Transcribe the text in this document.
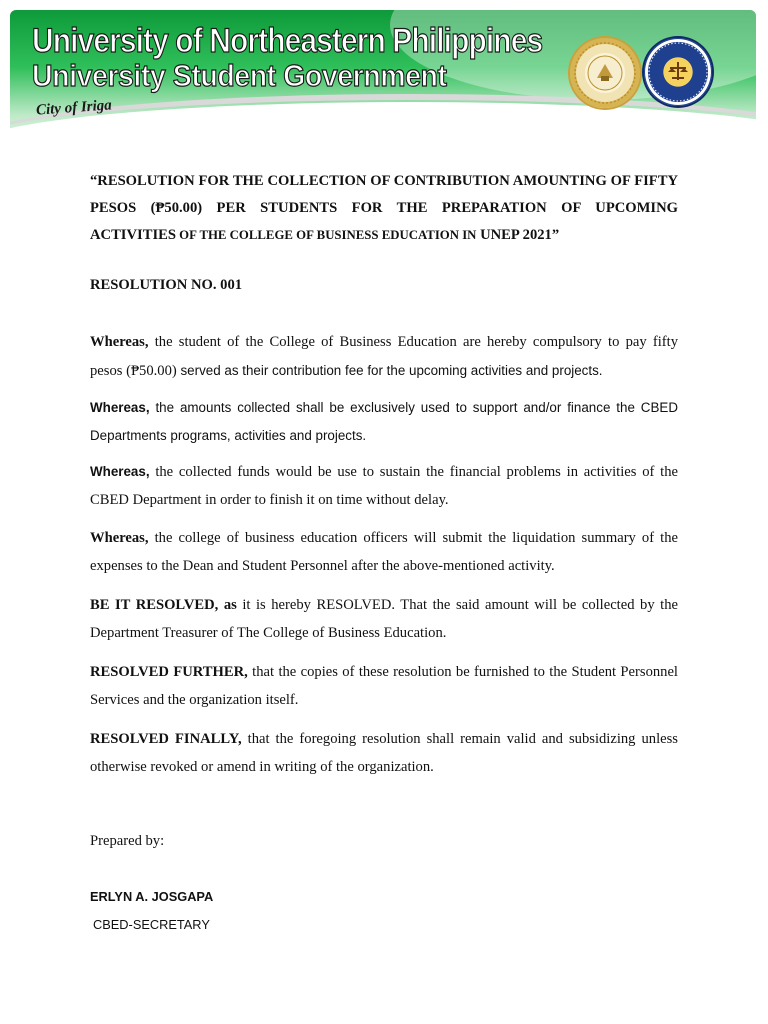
University of Northeastern Philippines
University Student Government
City of Iriga

“RESOLUTION FOR THE COLLECTION OF CONTRIBUTION AMOUNTING OF FIFTY PESOS (₱50.00) PER STUDENTS FOR THE PREPARATION OF UPCOMING ACTIVITIES OF THE COLLEGE OF BUSINESS EDUCATION IN UNEP 2021”

RESOLUTION NO. 001

Whereas, the student of the College of Business Education are hereby compulsory to pay fifty pesos (₱50.00) served as their contribution fee for the upcoming activities and projects.

Whereas, the amounts collected shall be exclusively used to support and/or finance the CBED Departments programs, activities and projects.

Whereas, the collected funds would be use to sustain the financial problems in activities of the CBED Department in order to finish it on time without delay.

Whereas, the college of business education officers will submit the liquidation summary of the expenses to the Dean and Student Personnel after the above-mentioned activity.

BE IT RESOLVED, as it is hereby RESOLVED. That the said amount will be collected by the Department Treasurer of The College of Business Education.

RESOLVED FURTHER, that the copies of these resolution be furnished to the Student Personnel Services and the organization itself.

RESOLVED FINALLY, that the foregoing resolution shall remain valid and subsidizing unless otherwise revoked or amend in writing of the organization.

Prepared by:
ERLYN A. JOSGAPA
CBED-SECRETARY
